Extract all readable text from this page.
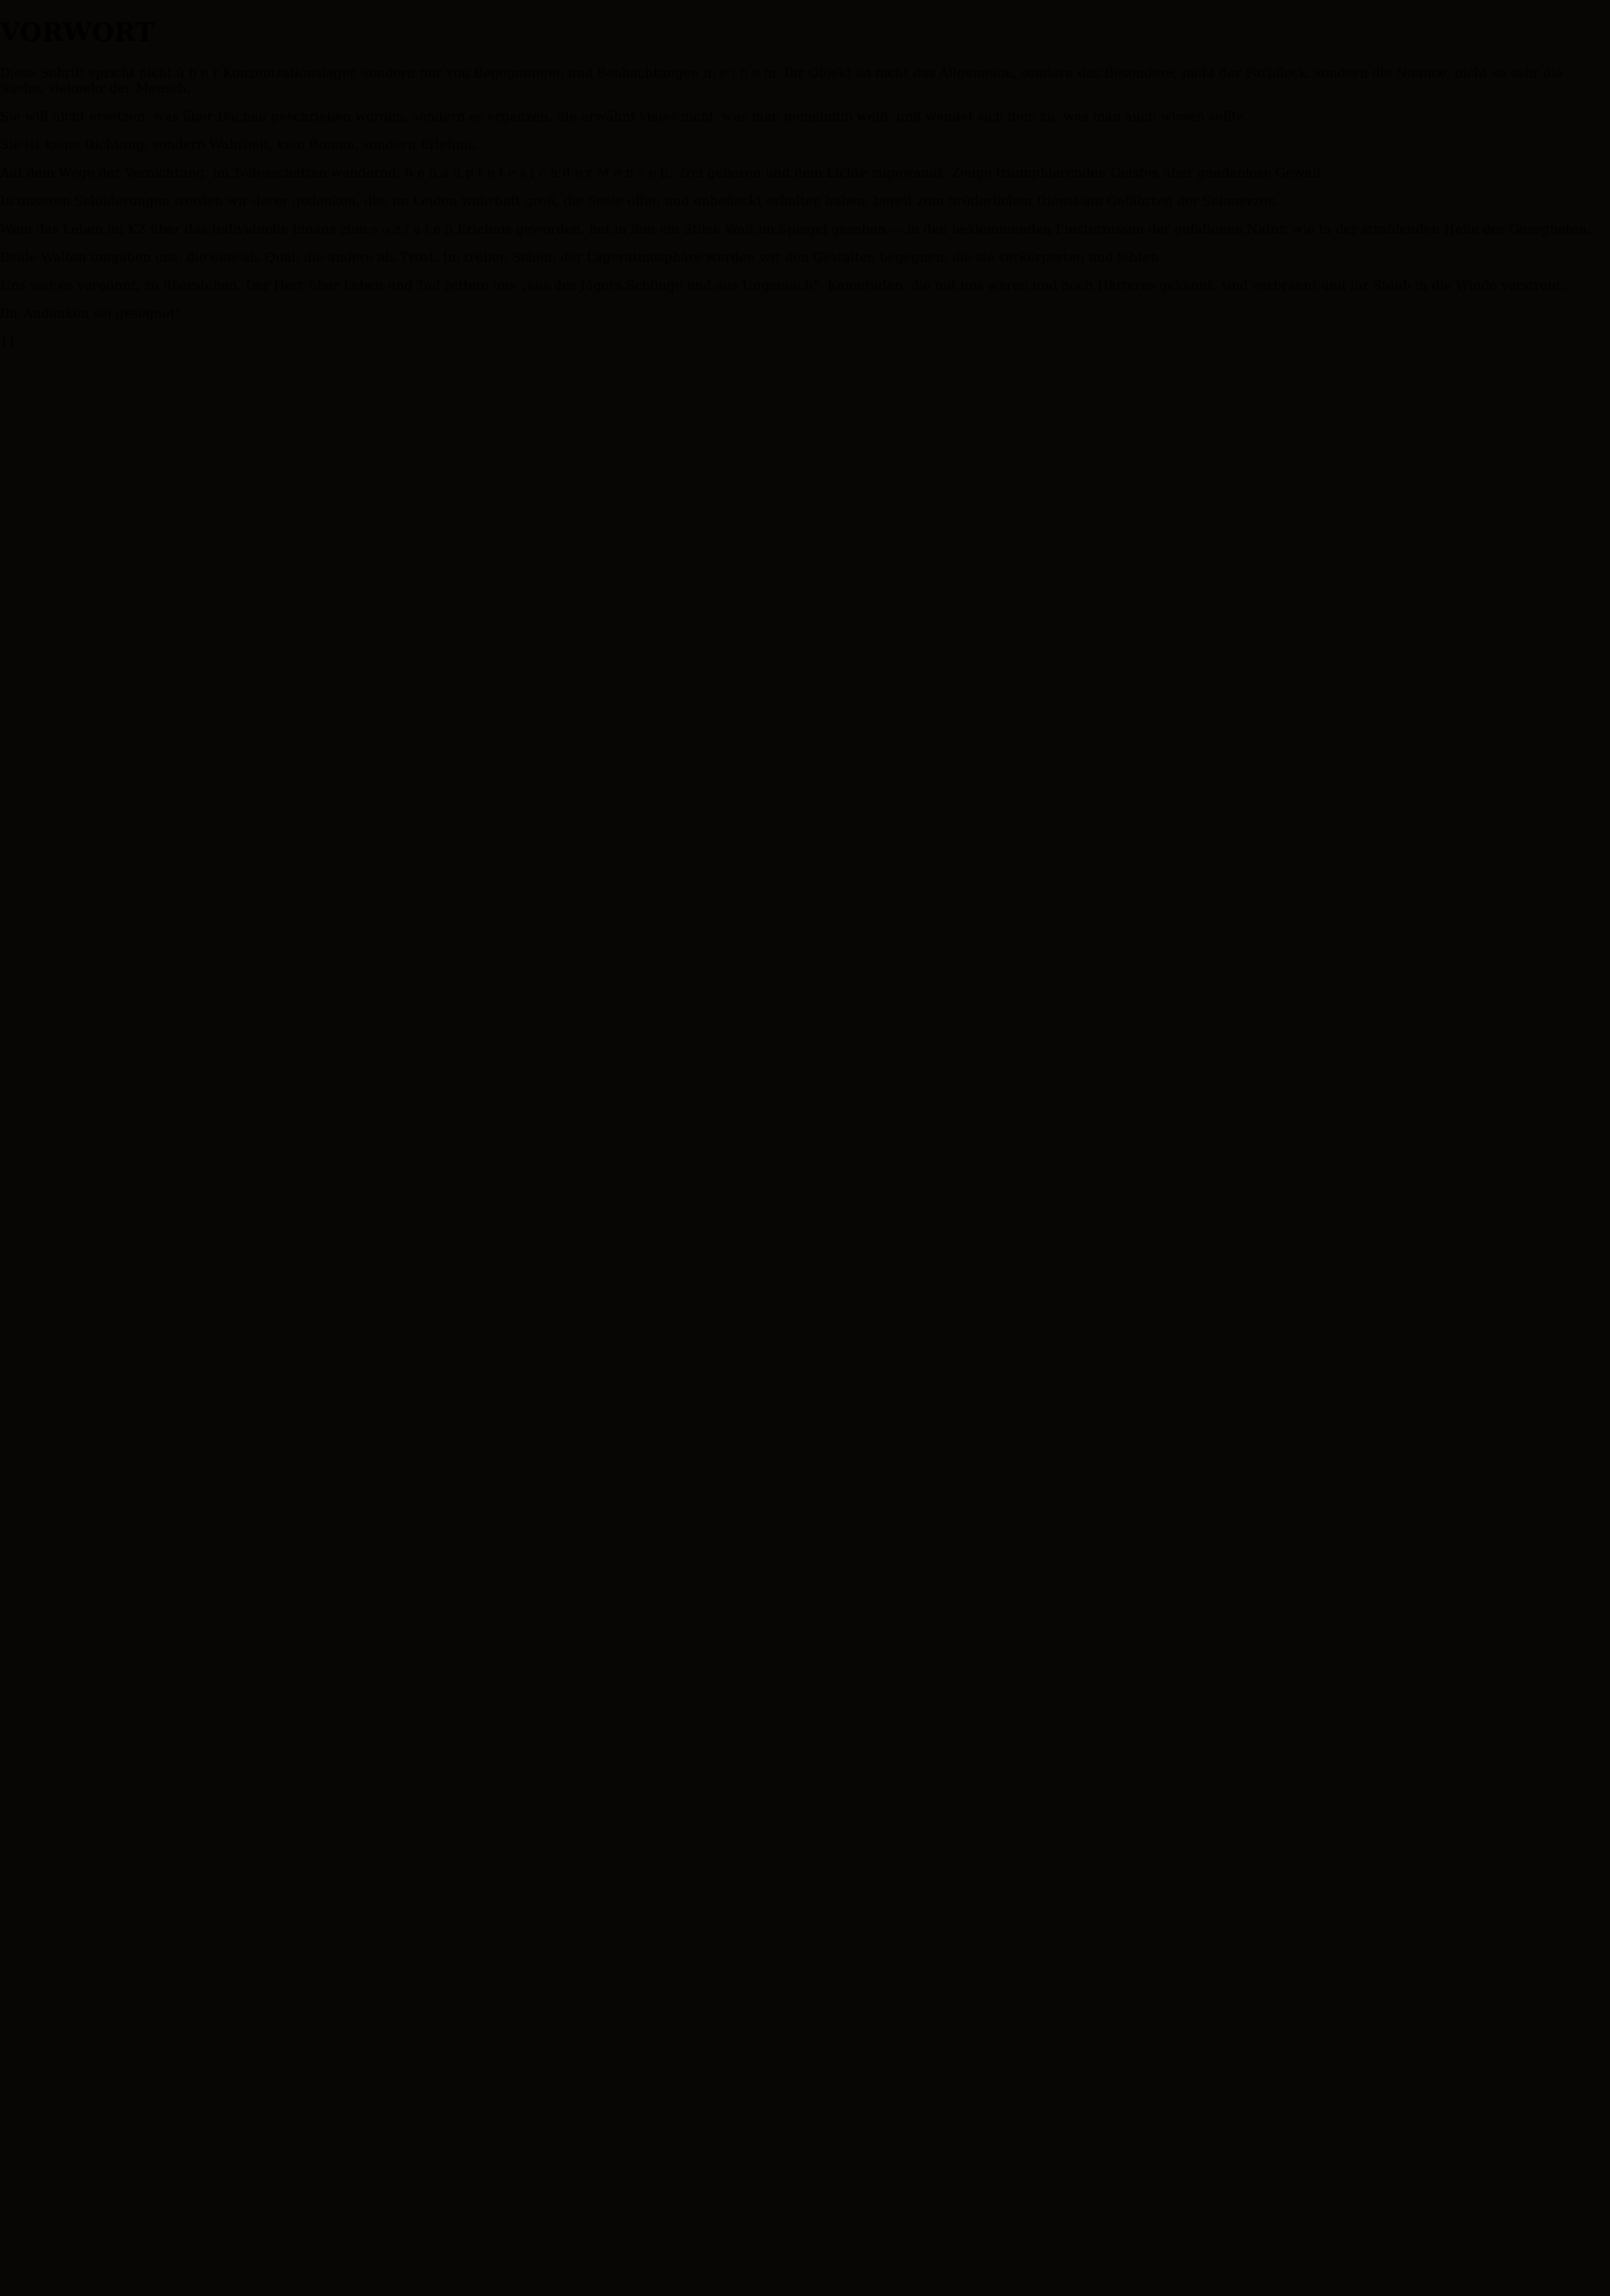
VORWORT

Diese Schrift spricht nicht ü b e r Konzentrationslager, sondern nur von Begegnungen und Beobachtungen in e i n e m. Ihr Objekt ist nicht das Allgemeine, sondern das Besondere, nicht der Farbfleck, sondern die Nuance, nicht so sehr die Sache, vielmehr der Mensch.

Sie will nicht ersetzen, was über Dachau geschrieben worden, sondern es ergänzen. Sie erwähnt vieles nicht, was man gemeinhin weiß, und wendet sich dem zu, was man auch wissen sollte.

Sie ist keine Dichtung, sondern Wahrheit, kein Roman, sondern Erlebnis.

Auf dem Wege der Vernichtung, im Todesschatten wandernd, b e h a u p t e t e s i c h d e r M e n s c h , frei geboren und dem Lichte zugewandt, Zeuge triumphierenden Geistes über gnadenlose Gewalt.

In unseren Schilderungen werden wir derer gedenken, die, im Leiden wahrhaft groß, die Seele offen und unbefleckt erhalten haben, bereit zum brüderlichen Dienst am Gefährten der Schmerzen.

Wem das Leben im KZ über das Individuelle hinaus zum s o z i a l e n Erlebnis geworden, hat in ihm ein Stück Welt im Spiegel gesehen — in den beklemmenden Finsternissen der gefallenen Natur, wie in der strahlenden Helle des Gesegneten.

Beide Welten umgaben uns: die eine als Qual, die andere als Trost. Im trüben Schein der Lageratmosphäre werden wir den Gestalten begegnen, die sie verkörperten und lebten.

Uns war es vergönnt, zu überstehen. Der Herr über Leben und Tod rettete uns „aus des Jägers Schlinge und aus Ungemach“. Kameraden, die mit uns waren und noch Härteres gekannt, sind verbrannt und ihr Staub in die Winde verstreut.

Ihr Andenken sei gesegnet!

11
